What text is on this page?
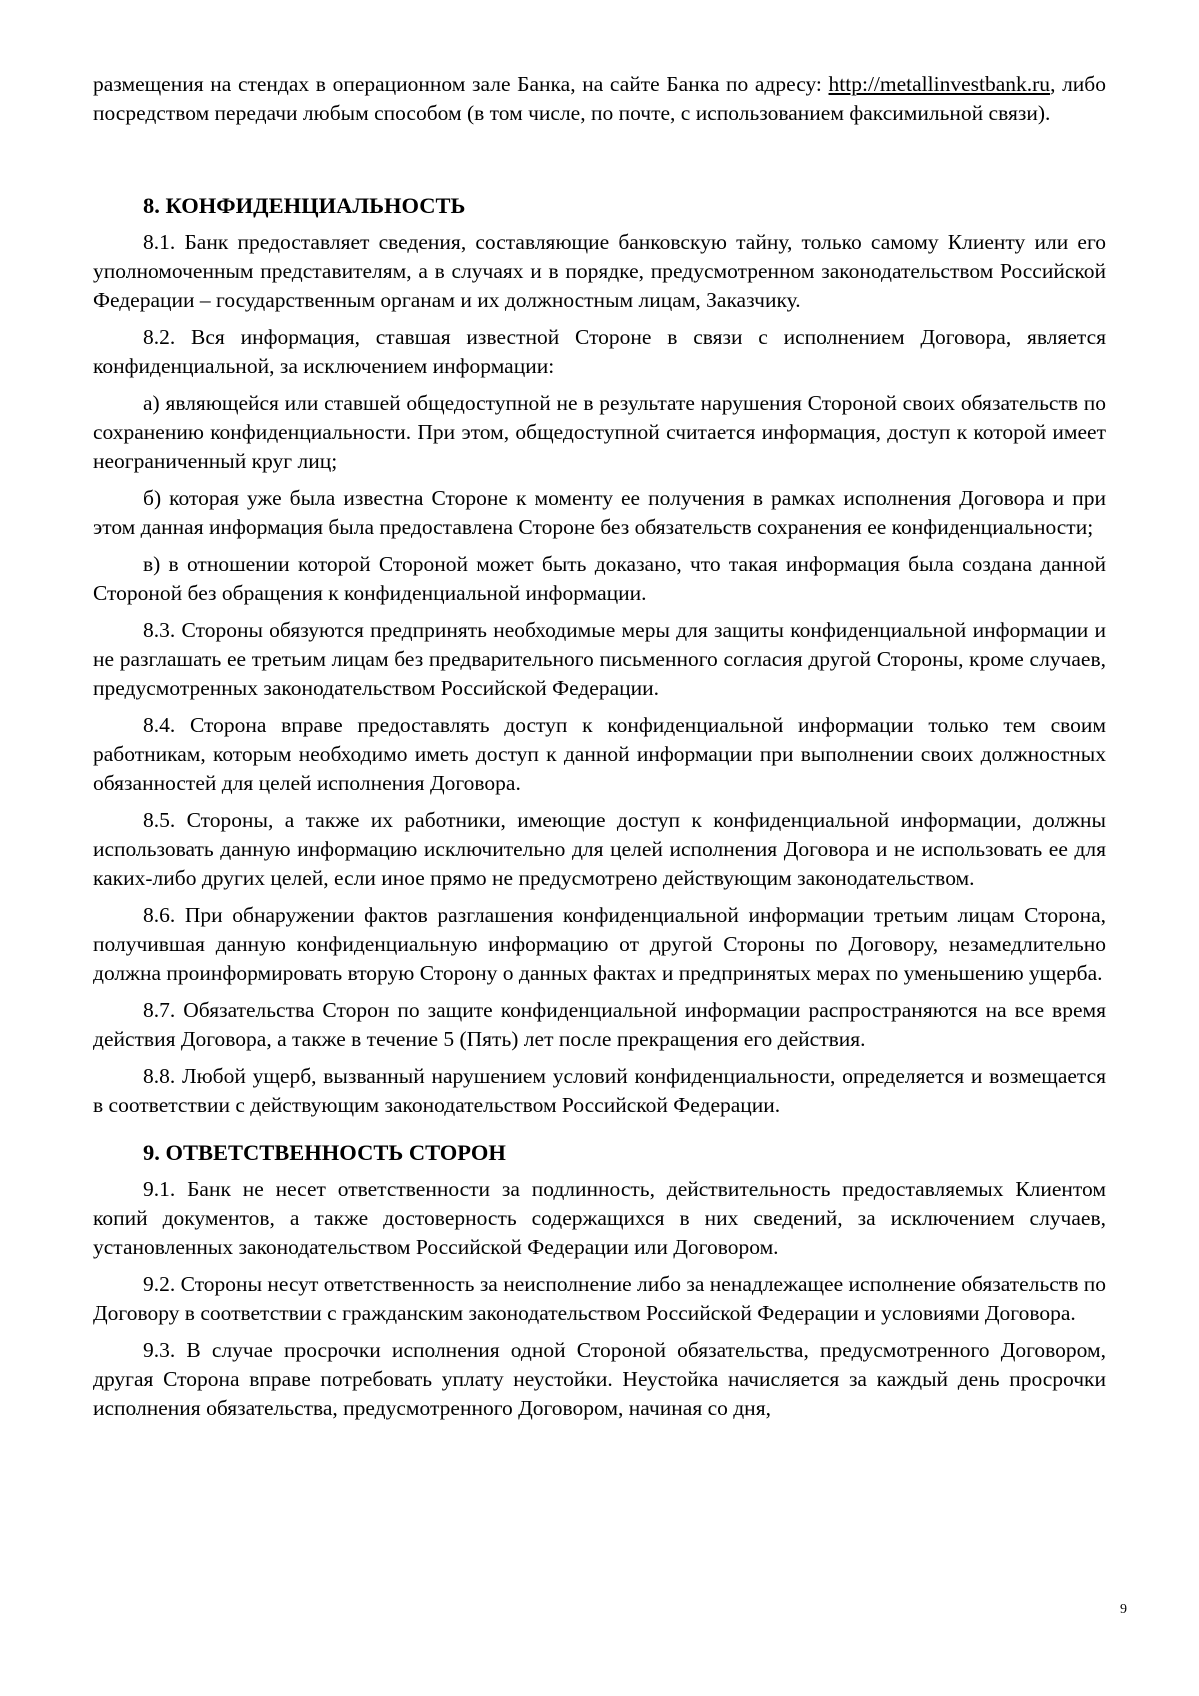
размещения на стендах в операционном зале Банка, на сайте Банка по адресу: http://metallinvestbank.ru, либо посредством передачи любым способом (в том числе, по почте, с использованием факсимильной связи).

8. КОНФИДЕНЦИАЛЬНОСТЬ

8.1. Банк предоставляет сведения, составляющие банковскую тайну, только самому Клиенту или его уполномоченным представителям, а в случаях и в порядке, предусмотренном законодательством Российской Федерации – государственным органам и их должностным лицам, Заказчику.

8.2. Вся информация, ставшая известной Стороне в связи с исполнением Договора, является конфиденциальной, за исключением информации:

а) являющейся или ставшей общедоступной не в результате нарушения Стороной своих обязательств по сохранению конфиденциальности. При этом, общедоступной считается информация, доступ к которой имеет неограниченный круг лиц;

б) которая уже была известна Стороне к моменту ее получения в рамках исполнения Договора и при этом данная информация была предоставлена Стороне без обязательств сохранения ее конфиденциальности;

в) в отношении которой Стороной может быть доказано, что такая информация была создана данной Стороной без обращения к конфиденциальной информации.

8.3. Стороны обязуются предпринять необходимые меры для защиты конфиденциальной информации и не разглашать ее третьим лицам без предварительного письменного согласия другой Стороны, кроме случаев, предусмотренных законодательством Российской Федерации.

8.4. Сторона вправе предоставлять доступ к конфиденциальной информации только тем своим работникам, которым необходимо иметь доступ к данной информации при выполнении своих должностных обязанностей для целей исполнения Договора.

8.5. Стороны, а также их работники, имеющие доступ к конфиденциальной информации, должны использовать данную информацию исключительно для целей исполнения Договора и не использовать ее для каких-либо других целей, если иное прямо не предусмотрено действующим законодательством.

8.6. При обнаружении фактов разглашения конфиденциальной информации третьим лицам Сторона, получившая данную конфиденциальную информацию от другой Стороны по Договору, незамедлительно должна проинформировать вторую Сторону о данных фактах и предпринятых мерах по уменьшению ущерба.

8.7. Обязательства Сторон по защите конфиденциальной информации распространяются на все время действия Договора, а также в течение 5 (Пять) лет после прекращения его действия.

8.8. Любой ущерб, вызванный нарушением условий конфиденциальности, определяется и возмещается в соответствии с действующим законодательством Российской Федерации.

9. ОТВЕТСТВЕННОСТЬ СТОРОН

9.1. Банк не несет ответственности за подлинность, действительность предоставляемых Клиентом копий документов, а также достоверность содержащихся в них сведений, за исключением случаев, установленных законодательством Российской Федерации или Договором.

9.2. Стороны несут ответственность за неисполнение либо за ненадлежащее исполнение обязательств по Договору в соответствии с гражданским законодательством Российской Федерации и условиями Договора.

9.3. В случае просрочки исполнения одной Стороной обязательства, предусмотренного Договором, другая Сторона вправе потребовать уплату неустойки. Неустойка начисляется за каждый день просрочки исполнения обязательства, предусмотренного Договором, начиная со дня,

9
